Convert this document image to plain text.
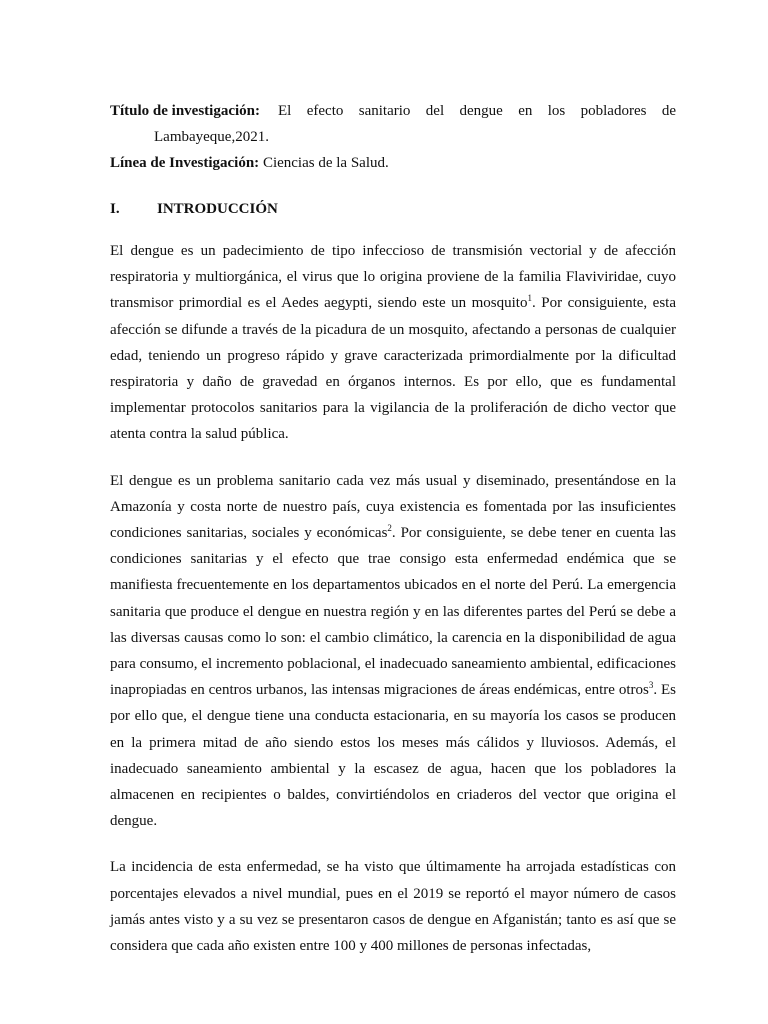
Título de investigación: El efecto sanitario del dengue en los pobladores de
Lambayeque,2021.
Línea de Investigación: Ciencias de la Salud.
I.	INTRODUCCIÓN

El dengue es un padecimiento de tipo infeccioso de transmisión vectorial y de afección respiratoria y multiorgánica, el virus que lo origina proviene de la familia Flaviviridae, cuyo transmisor primordial es el Aedes aegypti, siendo este un mosquito$^1$. Por consiguiente, esta afección se difunde a través de la picadura de un mosquito, afectando a personas de cualquier edad, teniendo un progreso rápido y grave caracterizada primordialmente por la dificultad respiratoria y daño de gravedad en órganos internos. Es por ello, que es fundamental implementar protocolos sanitarios para la vigilancia de la proliferación de dicho vector que atenta contra la salud pública.

El dengue es un problema sanitario cada vez más usual y diseminado, presentándose en la Amazonía y costa norte de nuestro país, cuya existencia es fomentada por las insuficientes condiciones sanitarias, sociales y económicas$^2$. Por consiguiente, se debe tener en cuenta las condiciones sanitarias y el efecto que trae consigo esta enfermedad endémica que se manifiesta frecuentemente en los departamentos ubicados en el norte del Perú. La emergencia sanitaria que produce el dengue en nuestra región y en las diferentes partes del Perú se debe a las diversas causas como lo son: el cambio climático, la carencia en la disponibilidad de agua para consumo, el incremento poblacional, el inadecuado saneamiento ambiental, edificaciones inapropiadas en centros urbanos, las intensas migraciones de áreas endémicas, entre otros$^3$. Es por ello que, el dengue tiene una conducta estacionaria, en su mayoría los casos se producen en la primera mitad de año siendo estos los meses más cálidos y lluviosos. Además, el inadecuado saneamiento ambiental y la escasez de agua, hacen que los pobladores la almacenen en recipientes o baldes, convirtiéndolos en criaderos del vector que origina el dengue.

La incidencia de esta enfermedad, se ha visto que últimamente ha arrojada estadísticas con porcentajes elevados a nivel mundial, pues en el 2019 se reportó el mayor número de casos jamás antes visto y a su vez se presentaron casos de dengue en Afganistán; tanto es así que se considera que cada año existen entre 100 y 400 millones de personas infectadas,
